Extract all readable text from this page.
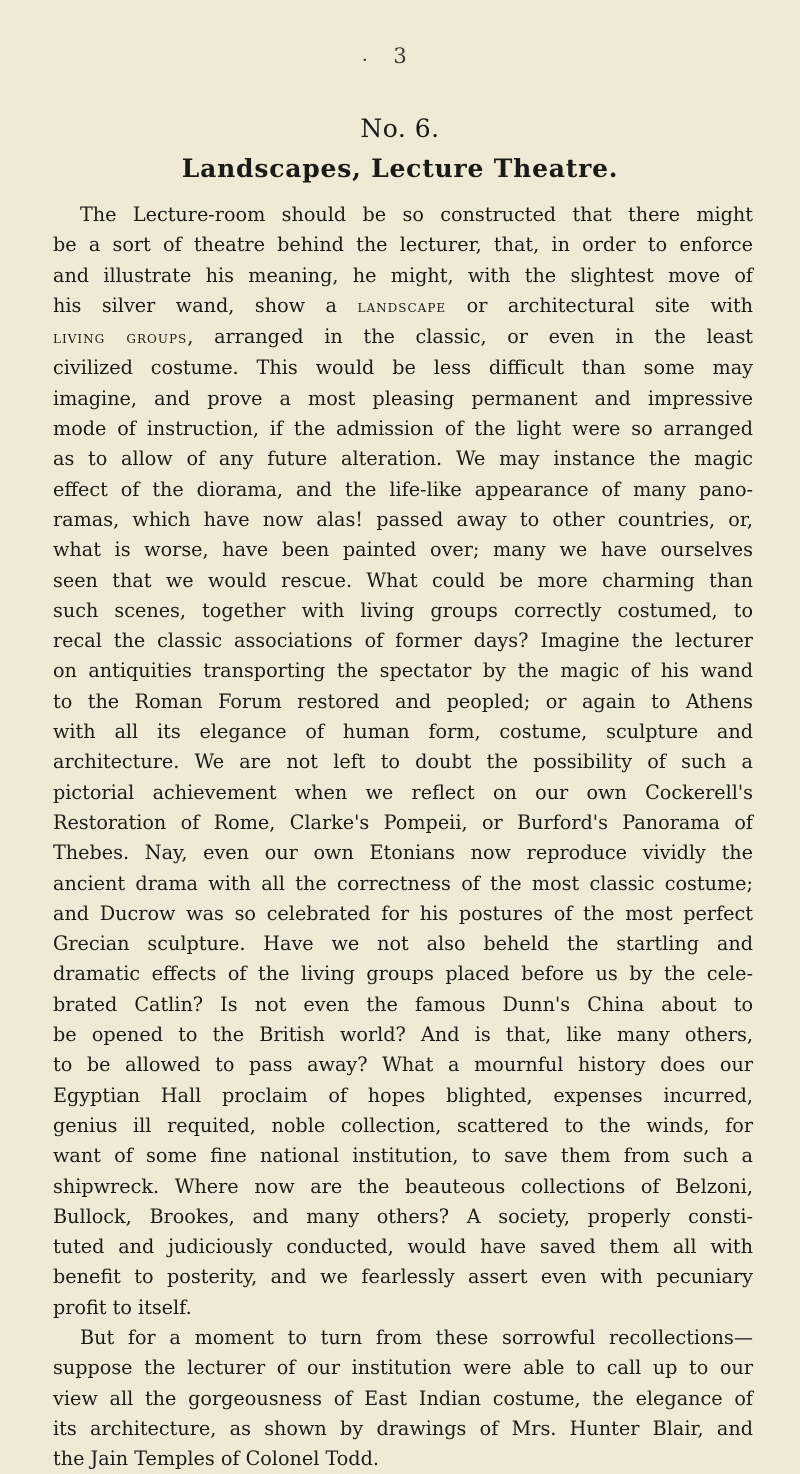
· 3
No. 6.
Landscapes, Lecture Theatre.
The Lecture-room should be so constructed that there might
be a sort of theatre behind the lecturer, that, in order to enforce
and illustrate his meaning, he might, with the slightest move of
his silver wand, show a landscape or architectural site with
living groups, arranged in the classic, or even in the least
civilized costume. This would be less difficult than some may
imagine, and prove a most pleasing permanent and impressive
mode of instruction, if the admission of the light were so arranged
as to allow of any future alteration. We may instance the magic
effect of the diorama, and the life-like appearance of many pano-
ramas, which have now alas! passed away to other countries, or,
what is worse, have been painted over; many we have ourselves
seen that we would rescue. What could be more charming than
such scenes, together with living groups correctly costumed, to
recal the classic associations of former days? Imagine the lecturer
on antiquities transporting the spectator by the magic of his wand
to the Roman Forum restored and peopled; or again to Athens
with all its elegance of human form, costume, sculpture and
architecture. We are not left to doubt the possibility of such a
pictorial achievement when we reflect on our own Cockerell's
Restoration of Rome, Clarke's Pompeii, or Burford's Panorama of
Thebes. Nay, even our own Etonians now reproduce vividly the
ancient drama with all the correctness of the most classic costume;
and Ducrow was so celebrated for his postures of the most perfect
Grecian sculpture. Have we not also beheld the startling and
dramatic effects of the living groups placed before us by the cele-
brated Catlin? Is not even the famous Dunn's China about to
be opened to the British world? And is that, like many others,
to be allowed to pass away? What a mournful history does our
Egyptian Hall proclaim of hopes blighted, expenses incurred,
genius ill requited, noble collection, scattered to the winds, for
want of some fine national institution, to save them from such a
shipwreck. Where now are the beauteous collections of Belzoni,
Bullock, Brookes, and many others? A society, properly consti-
tuted and judiciously conducted, would have saved them all with
benefit to posterity, and we fearlessly assert even with pecuniary
profit to itself.
But for a moment to turn from these sorrowful recollections—
suppose the lecturer of our institution were able to call up to our
view all the gorgeousness of East Indian costume, the elegance of
its architecture, as shown by drawings of Mrs. Hunter Blair, and
the Jain Temples of Colonel Todd.
